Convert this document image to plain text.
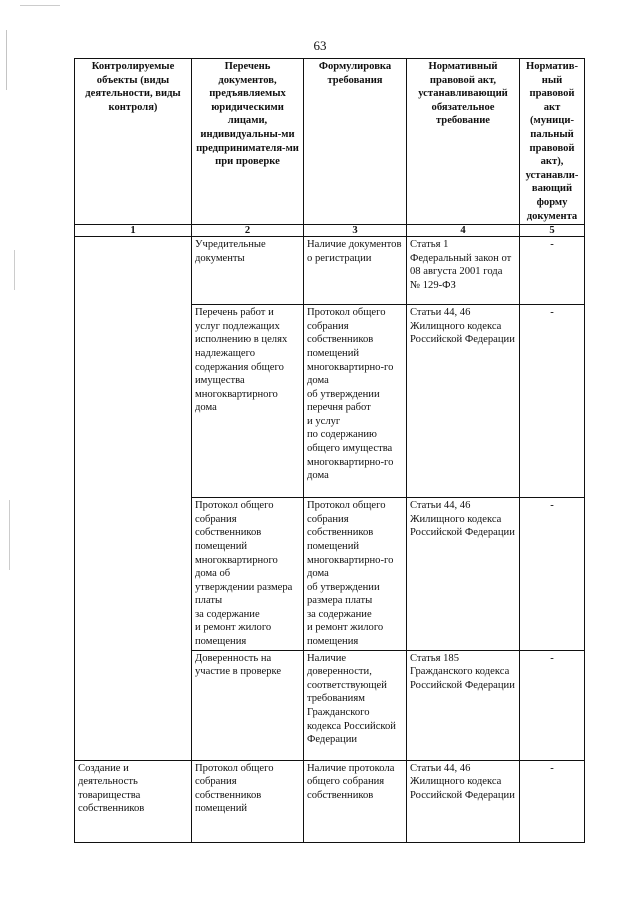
63
Контролируемые объекты (виды деятельности, виды контроля)	Перечень документов, предъявляемых юридическими лицами, индивидуальны-ми предпринимателя-ми при проверке	Формулировка требования	Нормативный правовой акт, устанавливающий обязательное требование	Норматив-ный правовой акт (муници-пальный правовой акт), устанавли-вающий форму документа
1	2	3	4	5
	Учредительные документы	Наличие документов о регистрации	Статья 1
Федеральный закон от 08 августа 2001 года
№ 129-ФЗ	-
	Перечень работ и услуг подлежащих исполнению в целях надлежащего содержания общего имущества многоквартирного дома	Протокол общего собрания собственников помещений многоквартирно-го дома
об утверждении перечня работ
и услуг
по содержанию общего имущества многоквартирно-го дома	Статьи 44, 46
Жилищного кодекса Российской Федерации	-
	Протокол общего собрания собственников помещений многоквартирного дома об
утверждении размера платы
за содержание
и ремонт жилого помещения	Протокол общего собрания собственников помещений многоквартирно-го дома
об утверждении размера платы
за содержание
и ремонт жилого помещения	Статьи 44, 46
Жилищного кодекса Российской Федерации	-
	Доверенность на участие в проверке	Наличие доверенности, соответствующей требованиям Гражданского кодекса Российской Федерации	Статья 185
Гражданского кодекса Российской Федерации	-
Создание и деятельность товарищества собственников	Протокол общего собрания собственников помещений	Наличие протокола общего собрания собственников	Статьи 44, 46
Жилищного кодекса Российской Федерации	-
